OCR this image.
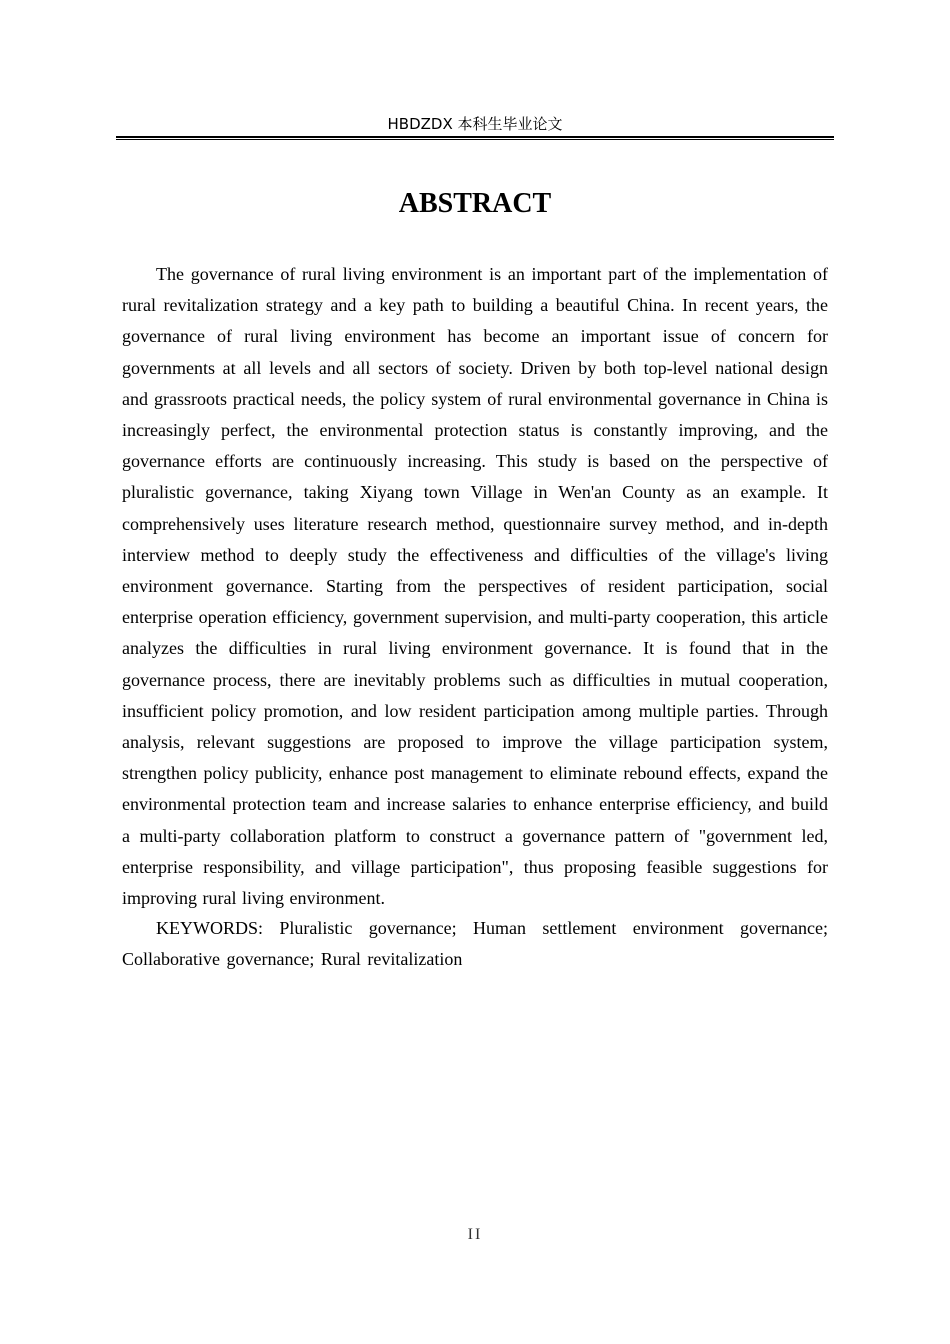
HBDZDX 本科生毕业论文
ABSTRACT

The governance of rural living environment is an important part of the implementation of rural revitalization strategy and a key path to building a beautiful China. In recent years, the governance of rural living environment has become an important issue of concern for governments at all levels and all sectors of society. Driven by both top-level national design and grassroots practical needs, the policy system of rural environmental governance in China is increasingly perfect, the environmental protection status is constantly improving, and the governance efforts are continuously increasing. This study is based on the perspective of pluralistic governance, taking Xiyang town Village in Wen'an County as an example. It comprehensively uses literature research method, questionnaire survey method, and in-depth interview method to deeply study the effectiveness and difficulties of the village's living environment governance. Starting from the perspectives of resident participation, social enterprise operation efficiency, government supervision, and multi-party cooperation, this article analyzes the difficulties in rural living environment governance. It is found that in the governance process, there are inevitably problems such as difficulties in mutual cooperation, insufficient policy promotion, and low resident participation among multiple parties. Through analysis, relevant suggestions are proposed to improve the village participation system, strengthen policy publicity, enhance post management to eliminate rebound effects, expand the environmental protection team and increase salaries to enhance enterprise efficiency, and build a multi-party collaboration platform to construct a governance pattern of "government led, enterprise responsibility, and village participation", thus proposing feasible suggestions for improving rural living environment.

KEYWORDS: Pluralistic governance; Human settlement environment governance; Collaborative governance; Rural revitalization

II
